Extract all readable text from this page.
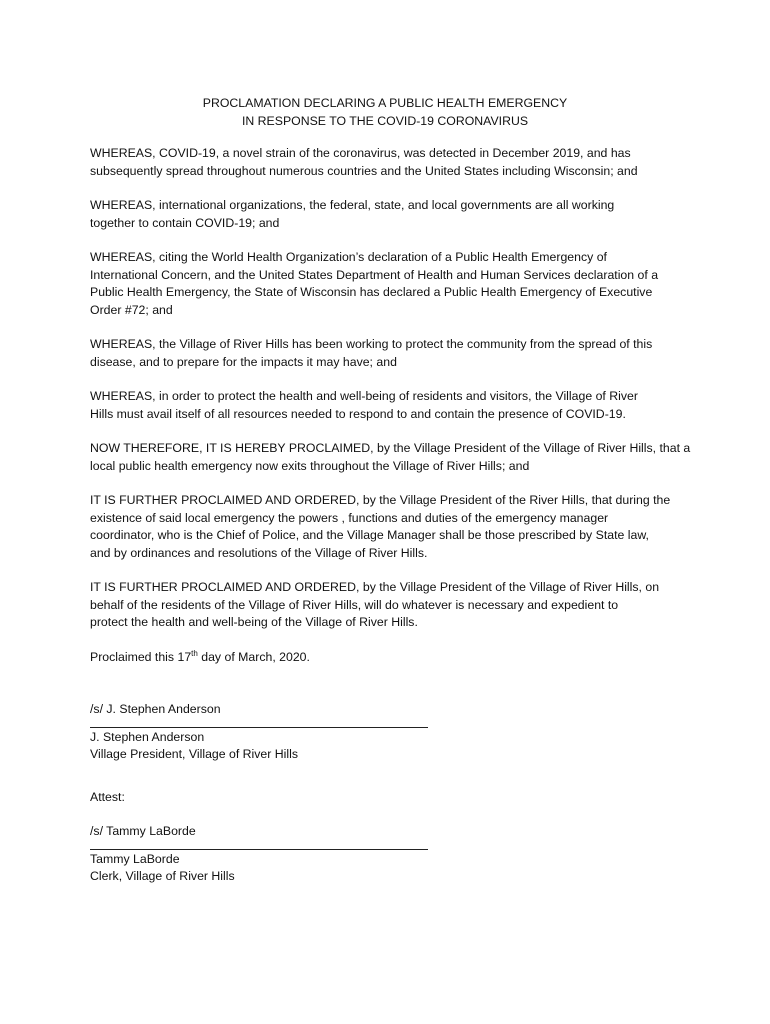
PROCLAMATION DECLARING A PUBLIC HEALTH EMERGENCY
IN RESPONSE TO THE COVID-19 CORONAVIRUS

WHEREAS, COVID-19, a novel strain of the coronavirus, was detected in December 2019, and has
subsequently spread throughout numerous countries and the United States including Wisconsin; and

WHEREAS, international organizations, the federal, state, and local governments are all working
together to contain COVID-19; and

WHEREAS, citing the World Health Organization’s declaration of a Public Health Emergency of
International Concern, and the United States Department of Health and Human Services declaration of a
Public Health Emergency, the State of Wisconsin has declared a Public Health Emergency of Executive
Order #72; and

WHEREAS, the Village of River Hills has been working to protect the community from the spread of this
disease, and to prepare for the impacts it may have; and

WHEREAS, in order to protect the health and well-being of residents and visitors, the Village of River
Hills must avail itself of all resources needed to respond to and contain the presence of COVID-19.

NOW THEREFORE, IT IS HEREBY PROCLAIMED, by the Village President of the Village of River Hills, that a
local public health emergency now exits throughout the Village of River Hills; and

IT IS FURTHER PROCLAIMED AND ORDERED, by the Village President of the River Hills, that during the
existence of said local emergency the powers , functions and duties of the emergency manager
coordinator, who is the Chief of Police, and the Village Manager shall be those prescribed by State law,
and by ordinances and resolutions of the Village of River Hills.

IT IS FURTHER PROCLAIMED AND ORDERED, by the Village President of the Village of River Hills, on
behalf of the residents of the Village of River Hills, will do whatever is necessary and expedient to
protect the health and well-being of the Village of River Hills.

Proclaimed this 17th day of March, 2020.

/s/ J. Stephen Anderson
J. Stephen Anderson
Village President, Village of River Hills
Attest:
/s/ Tammy LaBorde
Tammy LaBorde
Clerk, Village of River Hills
